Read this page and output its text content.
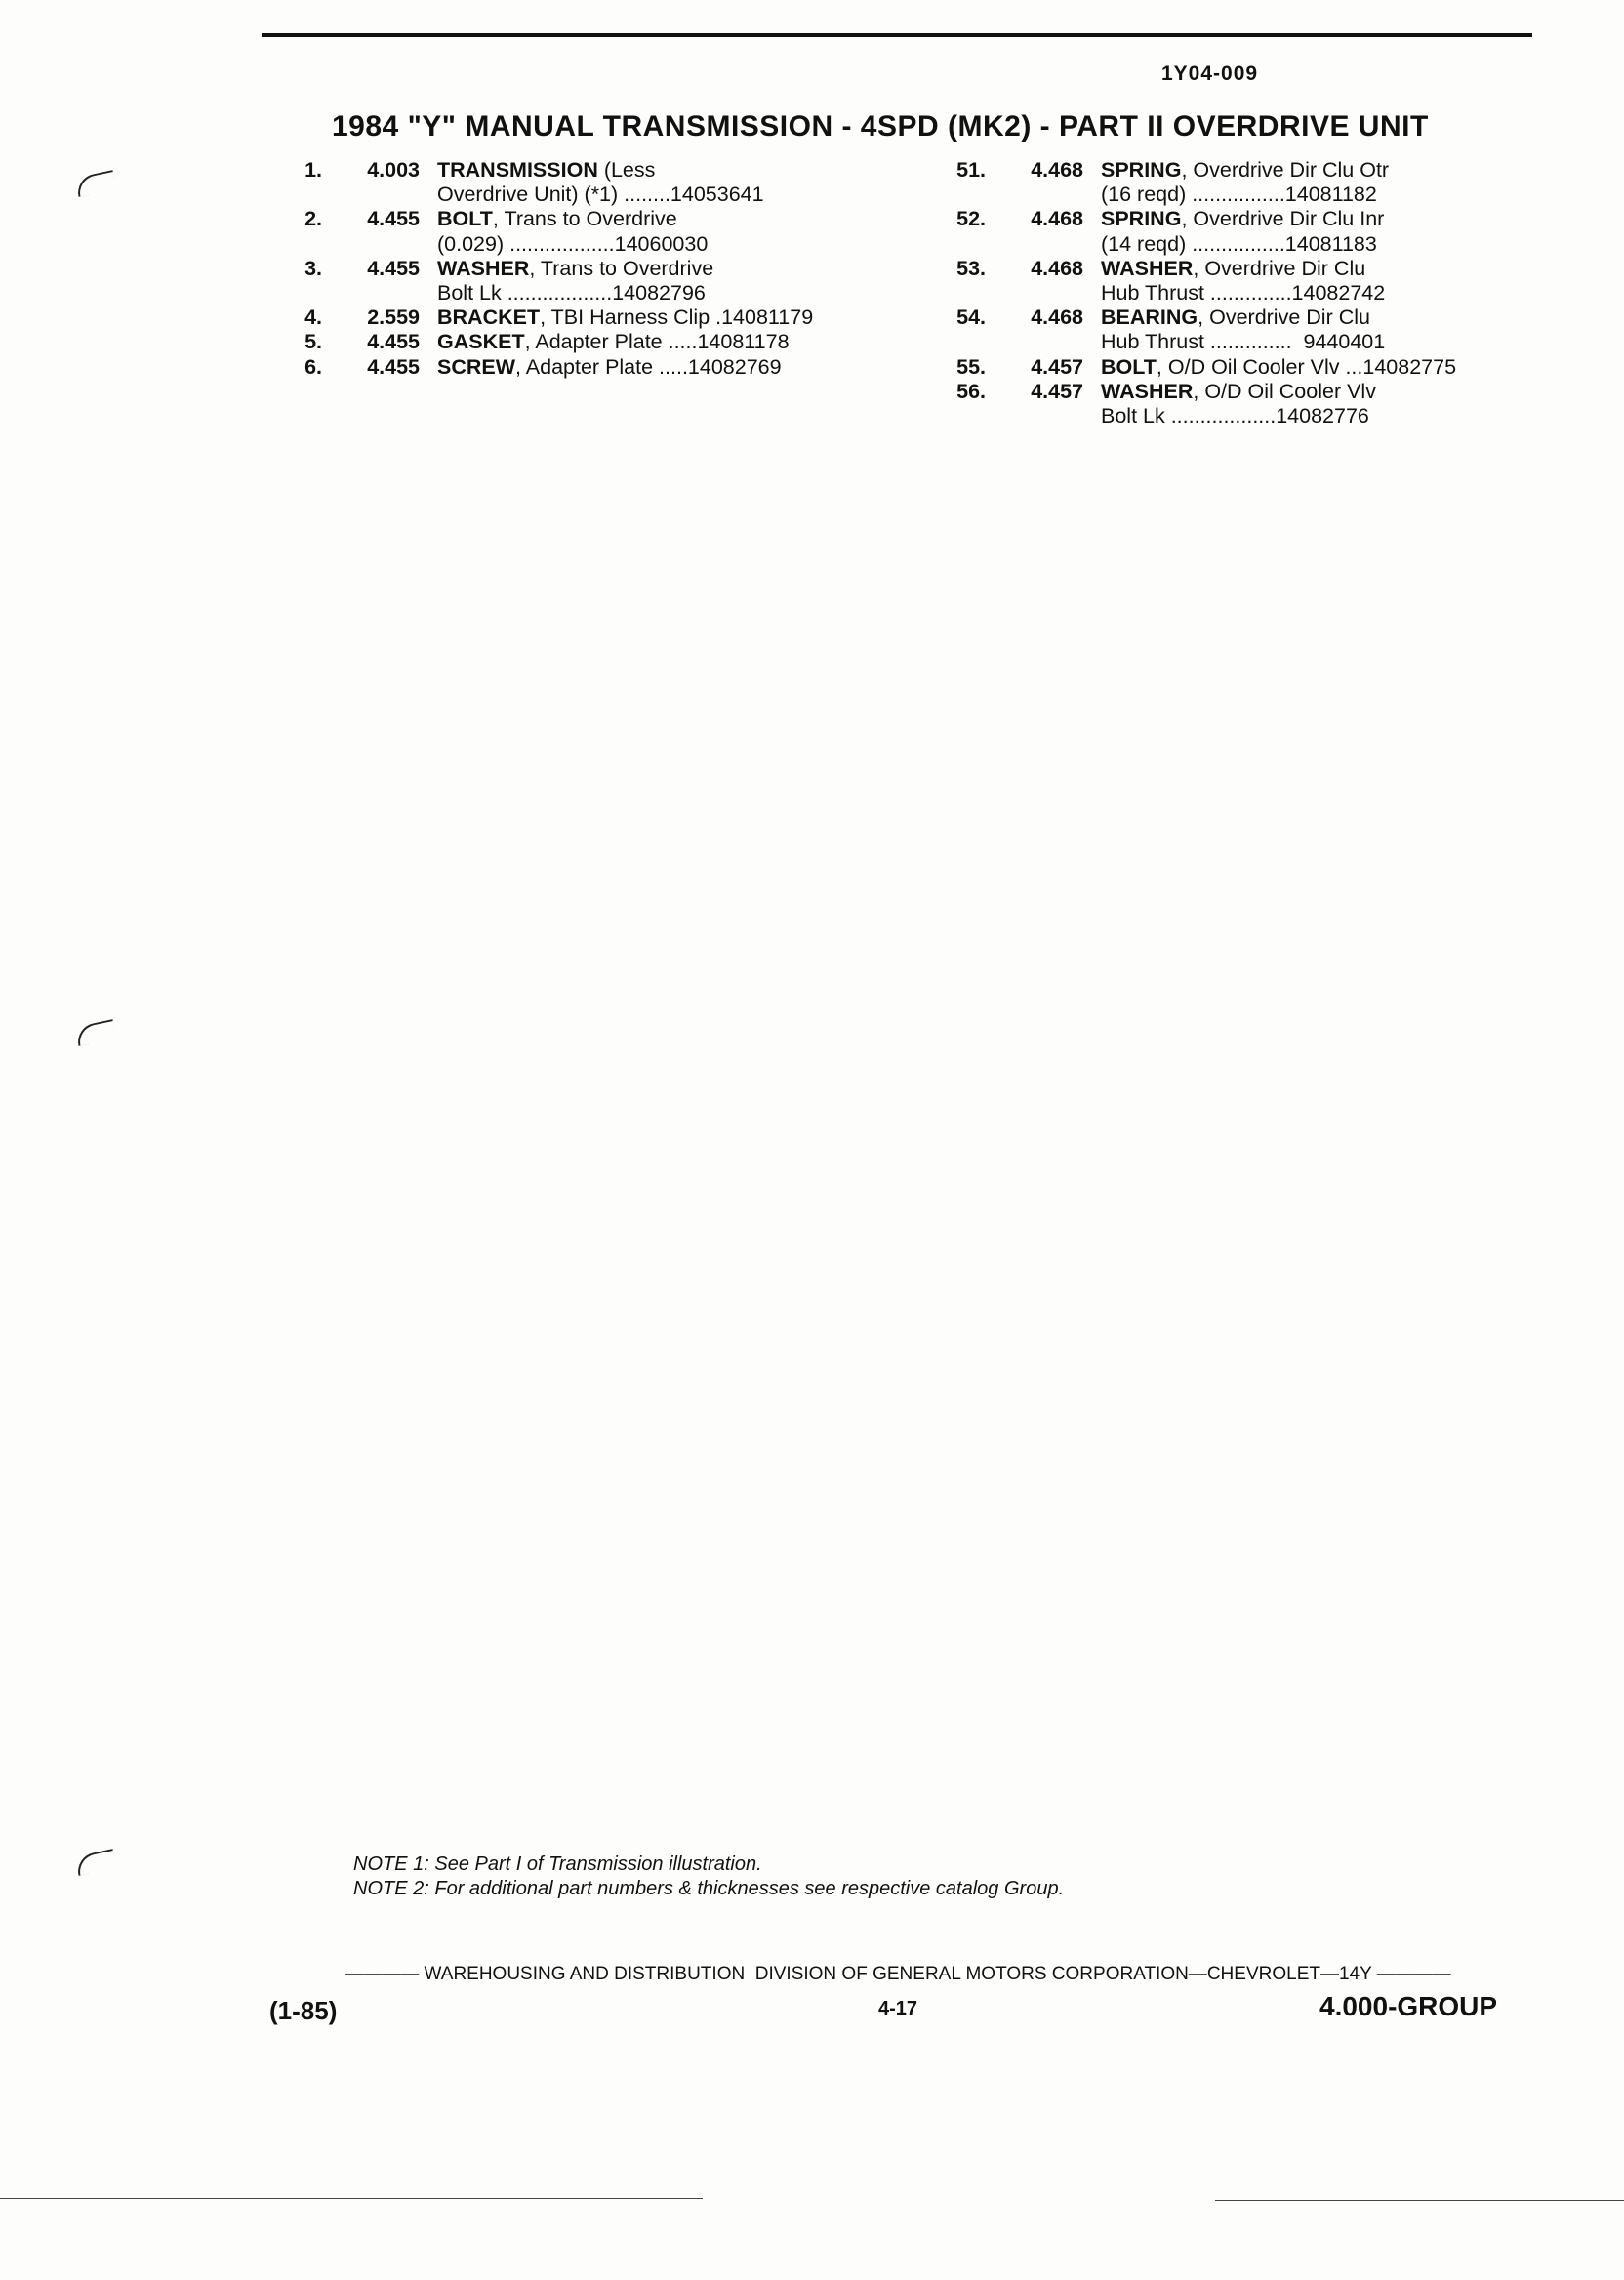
1Y04-009
1984 "Y" MANUAL TRANSMISSION - 4SPD (MK2) - PART II OVERDRIVE UNIT
1.	4.003 TRANSMISSION (Less
Overdrive Unit) (*1) ........14053641
2.	4.455 BOLT, Trans to Overdrive
(0.029) ..................14060030
3.	4.455 WASHER, Trans to Overdrive
Bolt Lk ..................14082796
4.	2.559 BRACKET, TBI Harness Clip .14081179
5.	4.455 GASKET, Adapter Plate .....14081178
6.	4.455 SCREW, Adapter Plate .....14082769
51.	4.468 SPRING, Overdrive Dir Clu Otr
(16 reqd) ................14081182
52.	4.468 SPRING, Overdrive Dir Clu Inr
(14 reqd) ................14081183
53.	4.468 WASHER, Overdrive Dir Clu
Hub Thrust ..............14082742
54.	4.468 BEARING, Overdrive Dir Clu
Hub Thrust ..............  9440401
55.	4.457 BOLT, O/D Oil Cooler Vlv ...14082775
56.	4.457 WASHER, O/D Oil Cooler Vlv
Bolt Lk ..................14082776
NOTE 1: See Part I of Transmission illustration.
NOTE 2: For additional part numbers & thicknesses see respective catalog Group.
———— WAREHOUSING AND DISTRIBUTION  DIVISION OF GENERAL MOTORS CORPORATION—CHEVROLET—14Y ————
(1-85)	4-17	4.000-GROUP
